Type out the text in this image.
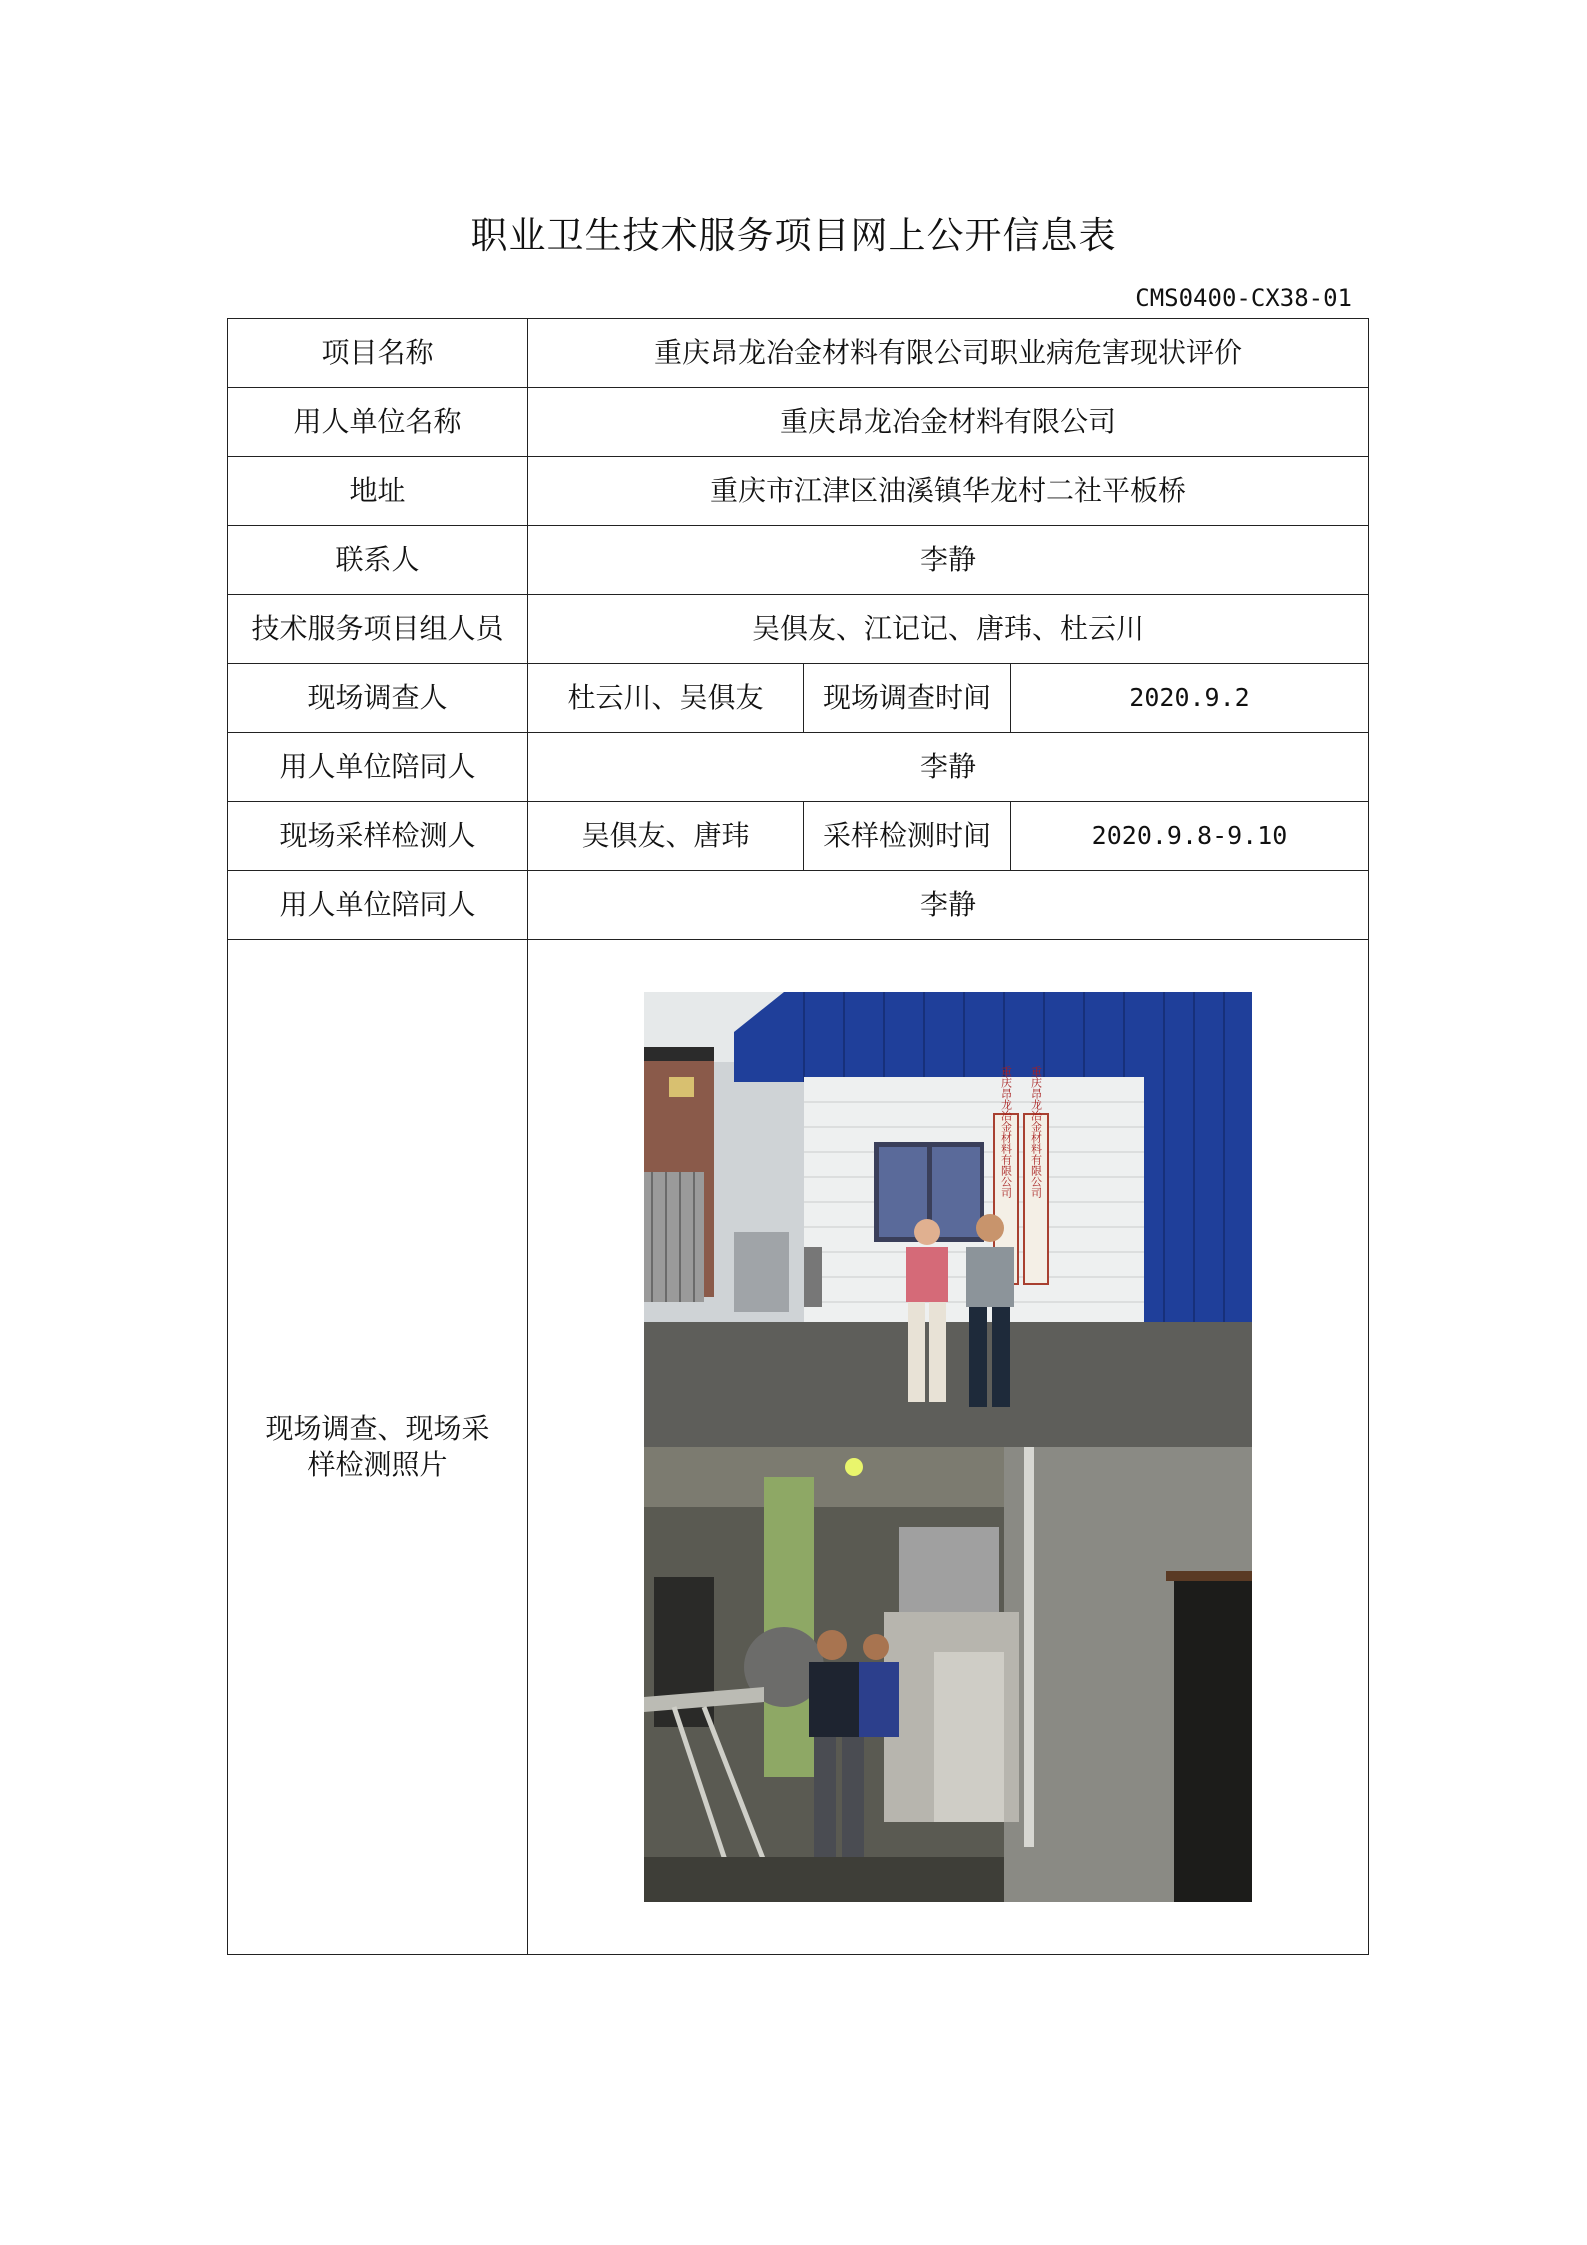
职业卫生技术服务项目网上公开信息表
CMS0400-CX38-01
项目名称	重庆昂龙冶金材料有限公司职业病危害现状评价		
用人单位名称	重庆昂龙冶金材料有限公司		
地址	重庆市江津区油溪镇华龙村二社平板桥		
联系人	李静		
技术服务项目组人员	吴俱友、江记记、唐玮、杜云川		
现场调查人	杜云川、吴俱友	现场调查时间	2020.9.2
用人单位陪同人	李静		
现场采样检测人	吴俱友、唐玮	采样检测时间	2020.9.8-9.10
用人单位陪同人	李静		
现场调查、现场采样检测照片	重庆昂龙冶金材料有限公司
重庆昂龙冶金材料有限公司		
